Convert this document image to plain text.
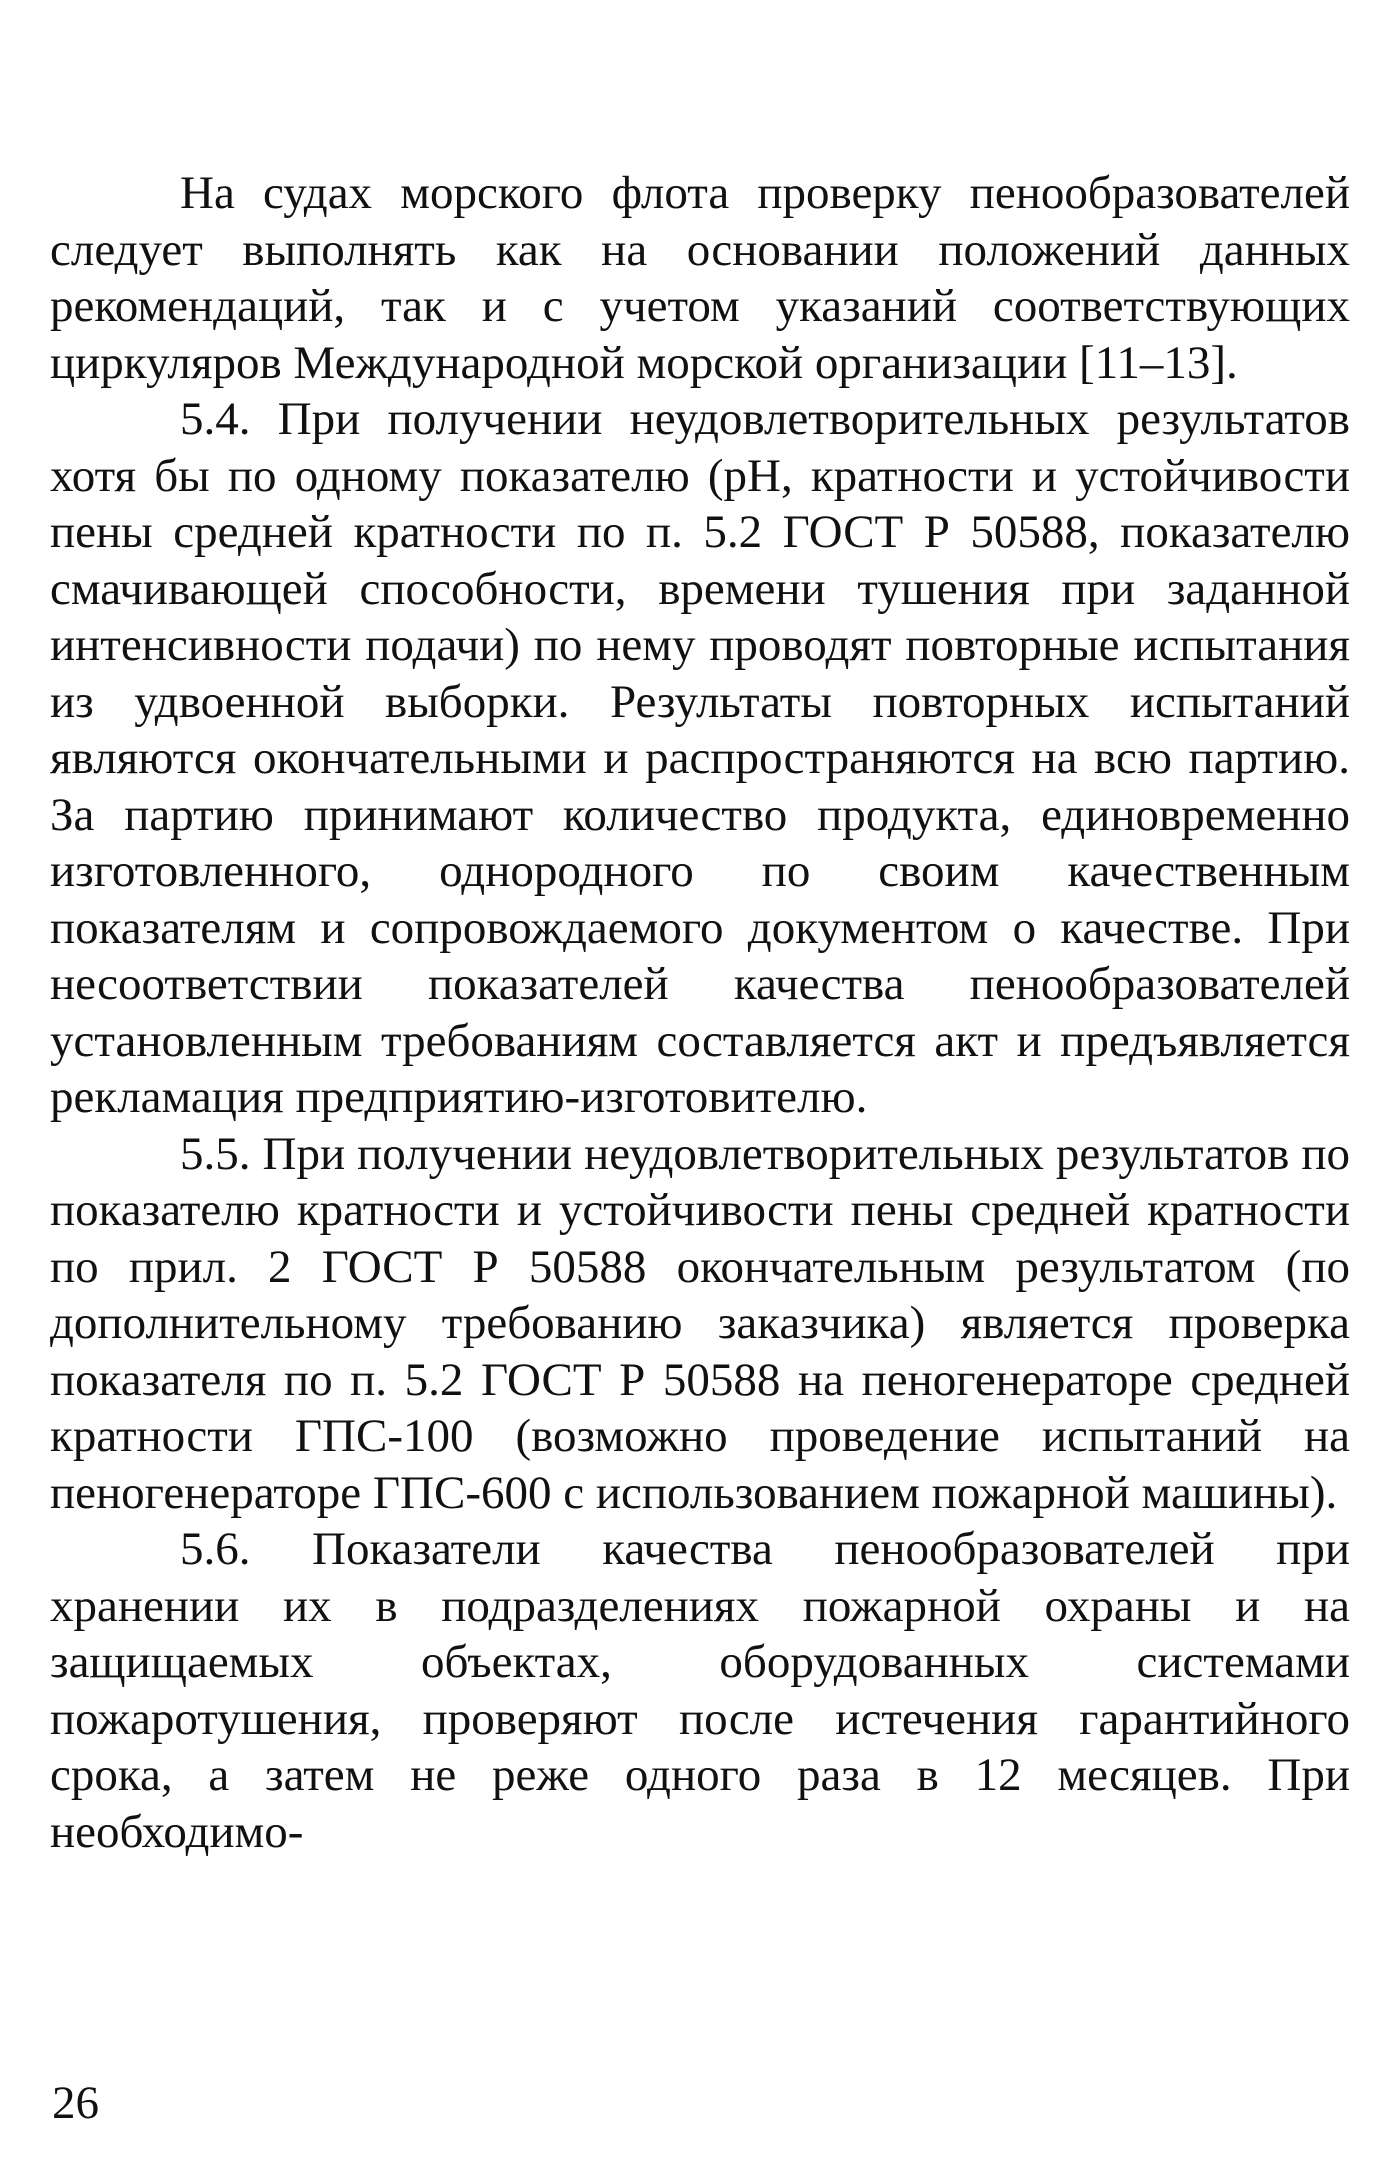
На судах морского флота проверку пенообразователей следует выполнять как на основании положений данных рекомендаций, так и с учетом указаний соответствующих циркуляров Международной морской организации [11–13].

5.4. При получении неудовлетворительных результатов хотя бы по одному показателю (pH, кратности и устойчивости пены средней кратности по п. 5.2 ГОСТ Р 50588, показателю смачивающей способности, времени тушения при заданной интенсивности подачи) по нему проводят повторные испытания из удвоенной выборки. Результаты повторных испытаний являются окончательными и распространяются на всю партию. За партию принимают количество продукта, единовременно изготовленного, однородного по своим качественным показателям и сопровождаемого документом о качестве. При несоответствии показателей качества пенообразователей установленным требованиям составляется акт и предъявляется рекламация предприятию-изготовителю.

5.5. При получении неудовлетворительных результатов по показателю кратности и устойчивости пены средней кратности по прил. 2 ГОСТ Р 50588 окончательным результатом (по дополнительному требованию заказчика) является проверка показателя по п. 5.2 ГОСТ Р 50588 на пеногенераторе средней кратности ГПС-100 (возможно проведение испытаний на пеногенераторе ГПС-600 с использованием пожарной машины).

5.6. Показатели качества пенообразователей при хранении их в подразделениях пожарной охраны и на защищаемых объектах, оборудованных системами пожаротушения, проверяют после истечения гарантийного срока, а затем не реже одного раза в 12 месяцев. При необходимо-

26
